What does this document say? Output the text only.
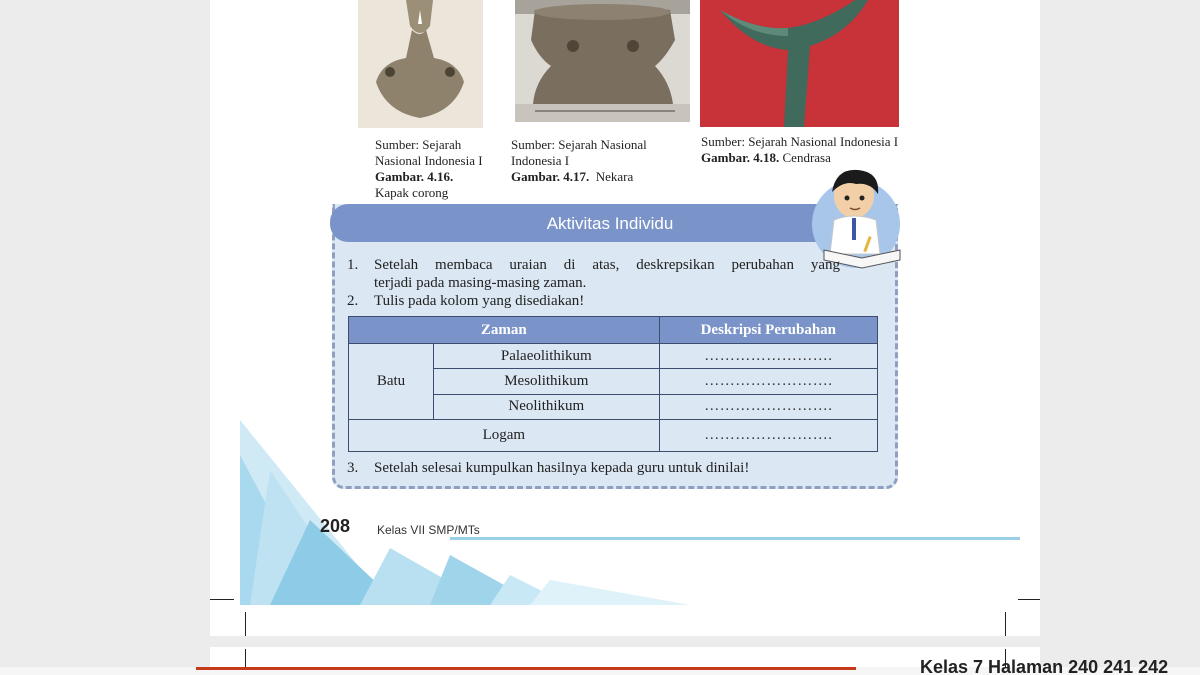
Sumber: Sejarah Nasional Indonesia I
Gambar. 4.16.
Kapak corong
Sumber: Sejarah Nasional Indonesia I
Gambar. 4.17. Nekara
Sumber: Sejarah Nasional Indonesia I
Gambar. 4.18. Cendrasa
Aktivitas Individu
1. Setelah membaca uraian di atas, deskrepsikan perubahan yang
terjadi pada masing-masing zaman.
2. Tulis pada kolom yang disediakan!
Zaman		Deskripsi Perubahan
Batu	Palaeolithikum	…………………….
	Mesolithikum	…………………….
	Neolithikum	…………………….
Logam		…………………….
3. Setelah selesai kumpulkan hasilnya kepada guru untuk dinilai!
208 Kelas VII SMP/MTs
Kelas 7 Halaman 240 241 242
